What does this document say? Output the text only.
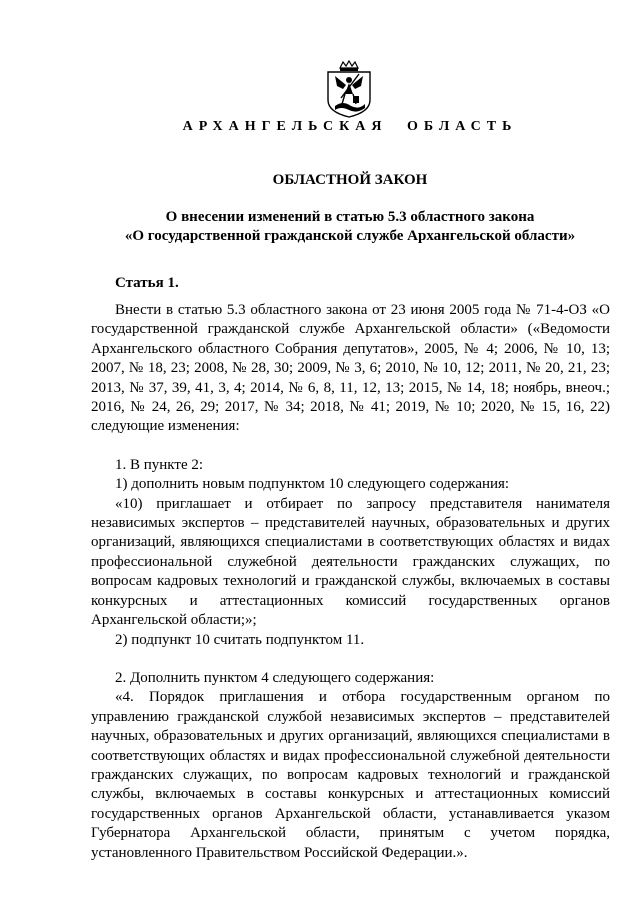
АРХАНГЕЛЬСКАЯ ОБЛАСТЬ
ОБЛАСТНОЙ ЗАКОН
О внесении изменений в статью 5.3 областного закона
«О государственной гражданской службе Архангельской области»
Статья 1.

Внести в статью 5.3 областного закона от 23 июня 2005 года № 71-4-ОЗ «О государственной гражданской службе Архангельской области» («Ведомости Архангельского областного Собрания депутатов», 2005, № 4; 2006, № 10, 13; 2007, № 18, 23; 2008, № 28, 30; 2009, № 3, 6; 2010, № 10, 12; 2011, № 20, 21, 23; 2013, № 37, 39, 41, 3, 4; 2014, № 6, 8, 11, 12, 13; 2015, № 14, 18; ноябрь, внеоч.; 2016, № 24, 26, 29; 2017, № 34; 2018, № 41; 2019, № 10; 2020, № 15, 16, 22) следующие изменения:

1. В пункте 2:

1) дополнить новым подпунктом 10 следующего содержания:

«10) приглашает и отбирает по запросу представителя нанимателя независимых экспертов – представителей научных, образовательных и других организаций, являющихся специалистами в соответствующих областях и видах профессиональной служебной деятельности гражданских служащих, по вопросам кадровых технологий и гражданской службы, включаемых в составы конкурсных и аттестационных комиссий государственных органов Архангельской области;»;

2) подпункт 10 считать подпунктом 11.

2. Дополнить пунктом 4 следующего содержания:

«4. Порядок приглашения и отбора государственным органом по управлению гражданской службой независимых экспертов – представителей научных, образовательных и других организаций, являющихся специалистами в соответствующих областях и видах профессиональной служебной деятельности гражданских служащих, по вопросам кадровых технологий и гражданской службы, включаемых в составы конкурсных и аттестационных комиссий государственных органов Архангельской области, устанавливается указом Губернатора Архангельской области, принятым с учетом порядка, установленного Правительством Российской Федерации.».
